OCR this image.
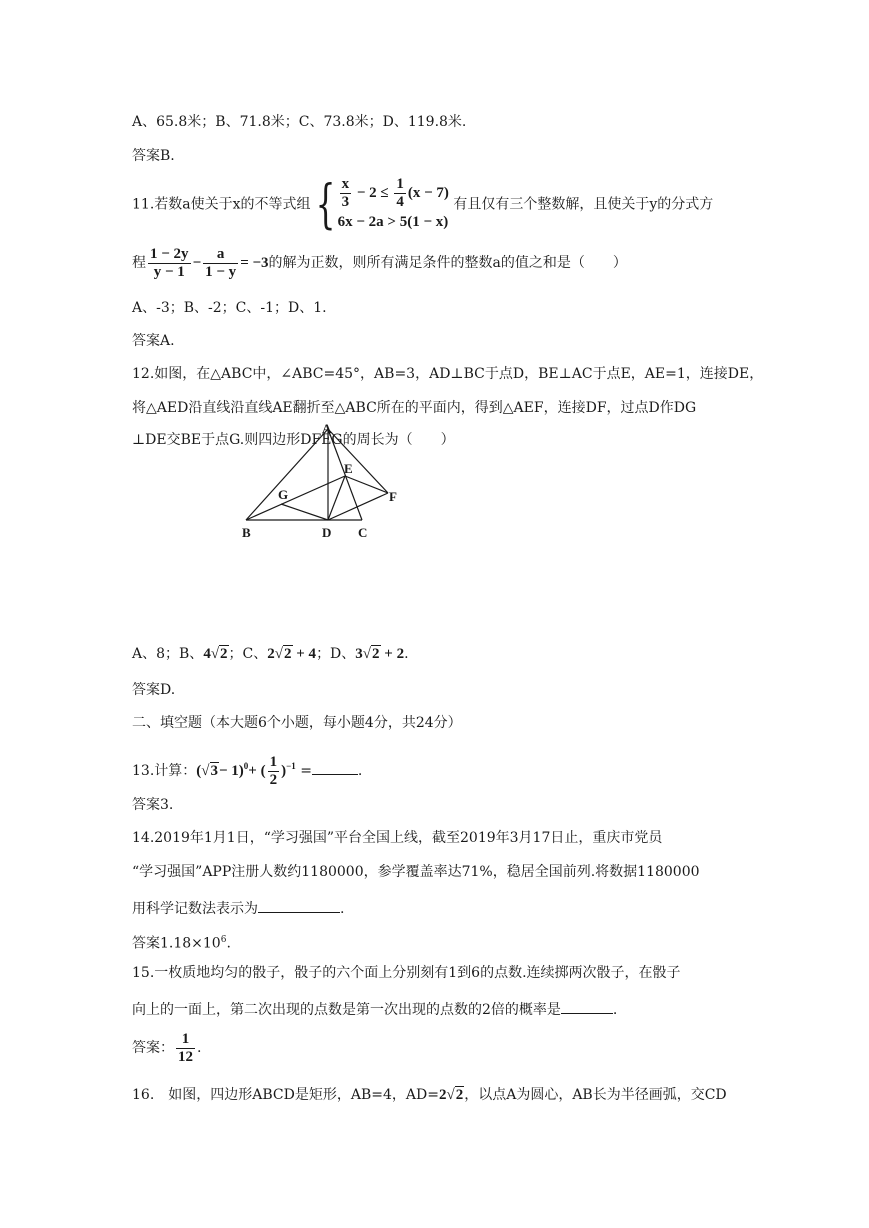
A、65.8米；B、71.8米；C、73.8米；D、119.8米.
答案B.
11.若数a使关于x的不等式组{ $\frac{x}{3} - 2 \le \frac{1}{4} (x - 7)$
6x − 2a > 5(1 − x)
有且仅有三个整数解，且使关于y的分式方
程 $\frac{1 - 2y}{y - 1} - \frac{a}{1 - y} = -3$的解为正数，则所有满足条件的整数a的值之和是（　　）
A、-3；B、-2；C、-1；D、1.
答案A.
12.如图，在△ABC中，∠ABC=45°，AB=3，AD⊥BC于点D，BE⊥AC于点E，AE=1，连接DE，
将△AED沿直线沿直线AE翻折至△ABC所在的平面内，得到△AEF，连接DF，过点D作DG
⊥DE交BE于点G.则四边形DFEG的周长为（　　）
A
B	C
D
E
F
G
A、8；B、4√2；C、2√2 + 4；D、3√2 + 2.
答案D.
二、填空题（本大题6个小题，每小题4分，共24分）
13.计算：$(√3- 1)^0+$ ( $\frac{1}{2} )^{-1}$ =	.
答案3.
14.2019年1月1日，“学习强国”平台全国上线，截至2019年3月17日止，重庆市党员
“学习强国”APP注册人数约1180000，参学覆盖率达71%，稳居全国前列.将数据1180000
用科学记数法表示为	.
答案$1.18\times 10^6$.
15.一枚质地均匀的骰子，骰子的六个面上分别刻有1到6的点数.连续掷两次骰子，在骰子
向上的一面上，第二次出现的点数是第一次出现的点数的2倍的概率是	.
答案： $\frac{1}{12}$ .
16.　如图，四边形ABCD是矩形，AB=4，AD=2√2，以点A为圆心，AB长为半径画弧，交CD
